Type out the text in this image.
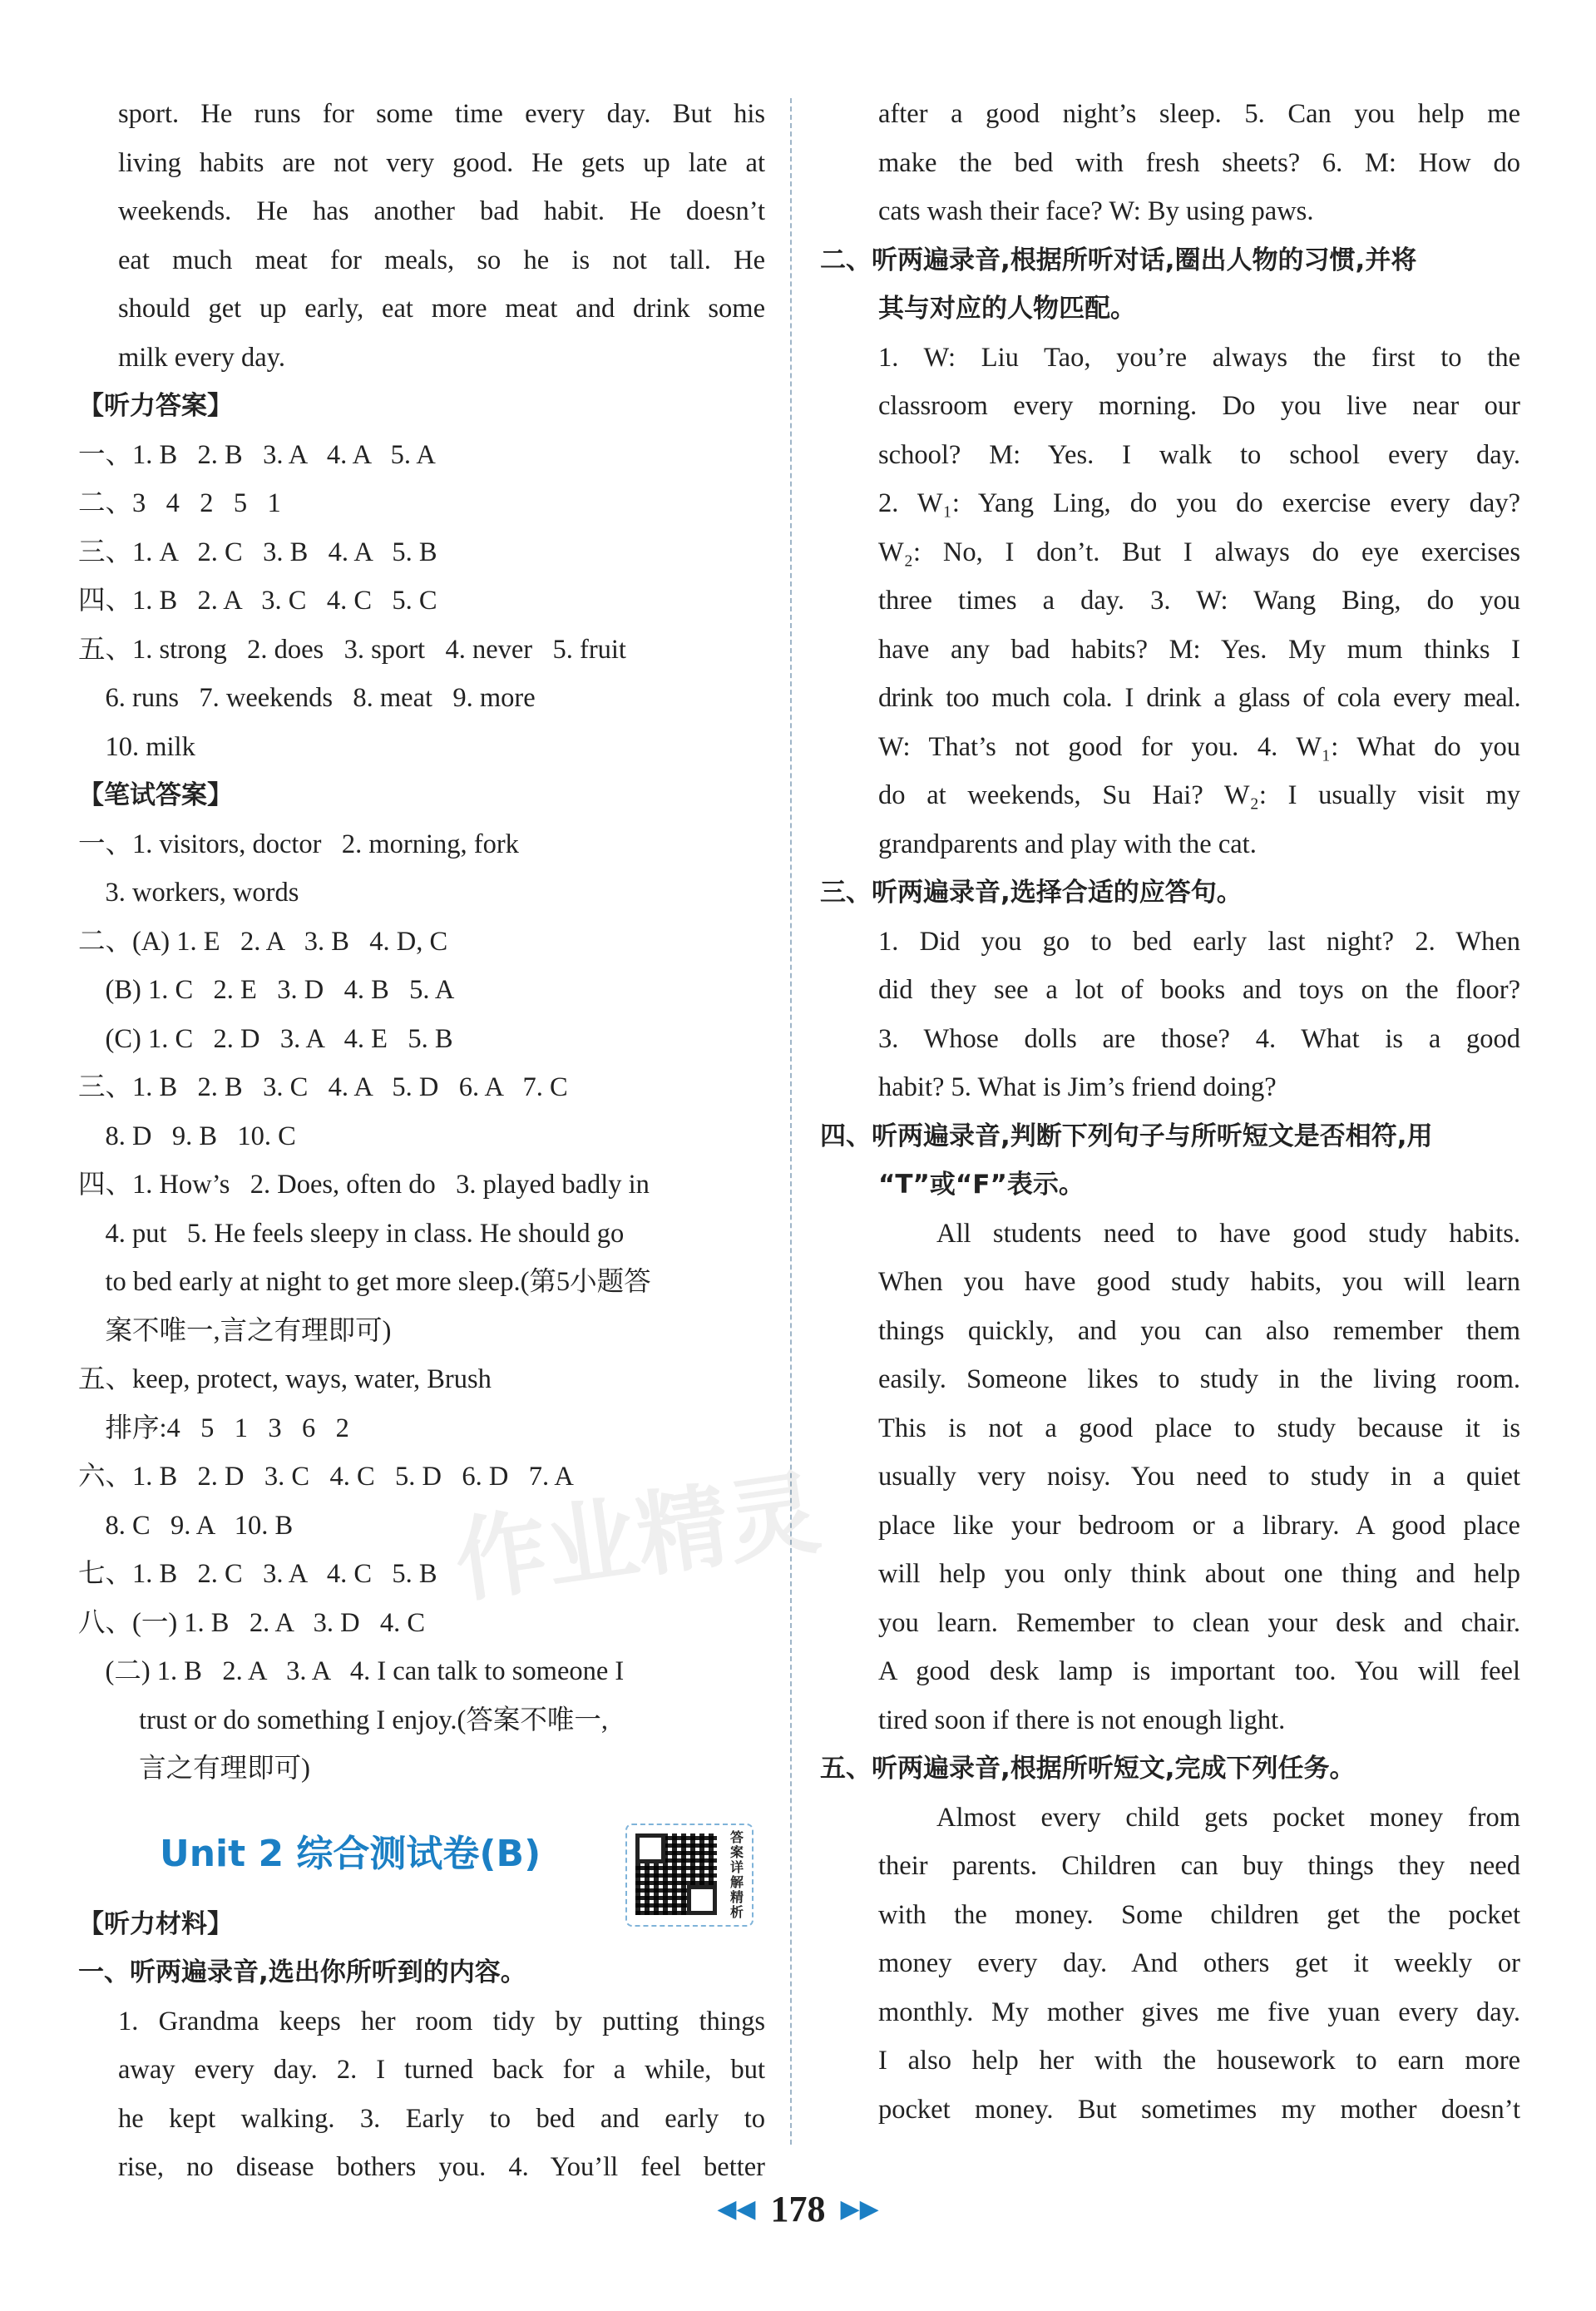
作业精灵

sport. He runs for some time every day. But his

living habits are not very good. He gets up late at

weekends. He has another bad habit. He doesn’t

eat much meat for meals, so he is not tall. He

should get up early, eat more meat and drink some

milk every day.

【听力答案】

一、1. B   2. B   3. A   4. A   5. A

二、3   4   2   5   1

三、1. A   2. C   3. B   4. A   5. B

四、1. B   2. A   3. C   4. C   5. C

五、1. strong   2. does   3. sport   4. never   5. fruit

6. runs   7. weekends   8. meat   9. more

10. milk

【笔试答案】

一、1. visitors, doctor   2. morning, fork

3. workers, words

二、(A) 1. E   2. A   3. B   4. D, C

(B) 1. C   2. E   3. D   4. B   5. A

(C) 1. C   2. D   3. A   4. E   5. B

三、1. B   2. B   3. C   4. A   5. D   6. A   7. C

8. D   9. B   10. C

四、1. How’s   2. Does, often do   3. played badly in

4. put   5. He feels sleepy in class. He should go

to bed early at night to get more sleep.(第5小题答

案不唯一,言之有理即可)

五、keep, protect, ways, water, Brush

排序:4   5   1   3   6   2

六、1. B   2. D   3. C   4. C   5. D   6. D   7. A

8. C   9. A   10. B

七、1. B   2. C   3. A   4. C   5. B

八、(一) 1. B   2. A   3. D   4. C

(二) 1. B   2. A   3. A   4. I can talk to someone I

trust or do something I enjoy.(答案不唯一,

言之有理即可)

Unit 2 综合测试卷(B)	答案详解精析

【听力材料】

一、听两遍录音,选出你所听到的内容。

1. Grandma keeps her room tidy by putting things

away every day. 2. I turned back for a while, but

he kept walking. 3. Early to bed and early to

rise, no disease bothers you. 4. You’ll feel better

after a good night’s sleep. 5. Can you help me

make the bed with fresh sheets? 6. M: How do

cats wash their face? W: By using paws.

二、听两遍录音,根据所听对话,圈出人物的习惯,并将

其与对应的人物匹配。

1. W: Liu Tao, you’re always the first to the

classroom every morning. Do you live near our

school? M: Yes. I walk to school every day.

2. W₁: Yang Ling, do you do exercise every day?

W₂: No, I don’t. But I always do eye exercises

three times a day. 3. W: Wang Bing, do you

have any bad habits? M: Yes. My mum thinks I

drink too much cola. I drink a glass of cola every meal.

W: That’s not good for you. 4. W₁: What do you

do at weekends, Su Hai? W₂: I usually visit my

grandparents and play with the cat.

三、听两遍录音,选择合适的应答句。

1. Did you go to bed early last night? 2. When

did they see a lot of books and toys on the floor?

3. Whose dolls are those? 4. What is a good

habit? 5. What is Jim’s friend doing?

四、听两遍录音,判断下列句子与所听短文是否相符,用

“T”或“F”表示。

All students need to have good study habits.

When you have good study habits, you will learn

things quickly, and you can also remember them

easily. Someone likes to study in the living room.

This is not a good place to study because it is

usually very noisy. You need to study in a quiet

place like your bedroom or a library. A good place

will help you only think about one thing and help

you learn. Remember to clean your desk and chair.

A good desk lamp is important too. You will feel

tired soon if there is not enough light.

五、听两遍录音,根据所听短文,完成下列任务。

Almost every child gets pocket money from

their parents. Children can buy things they need

with the money. Some children get the pocket

money every day. And others get it weekly or

monthly. My mother gives me five yuan every day.

I also help her with the housework to earn more

pocket money. But sometimes my mother doesn’t

◀◀ 178 ▶▶
